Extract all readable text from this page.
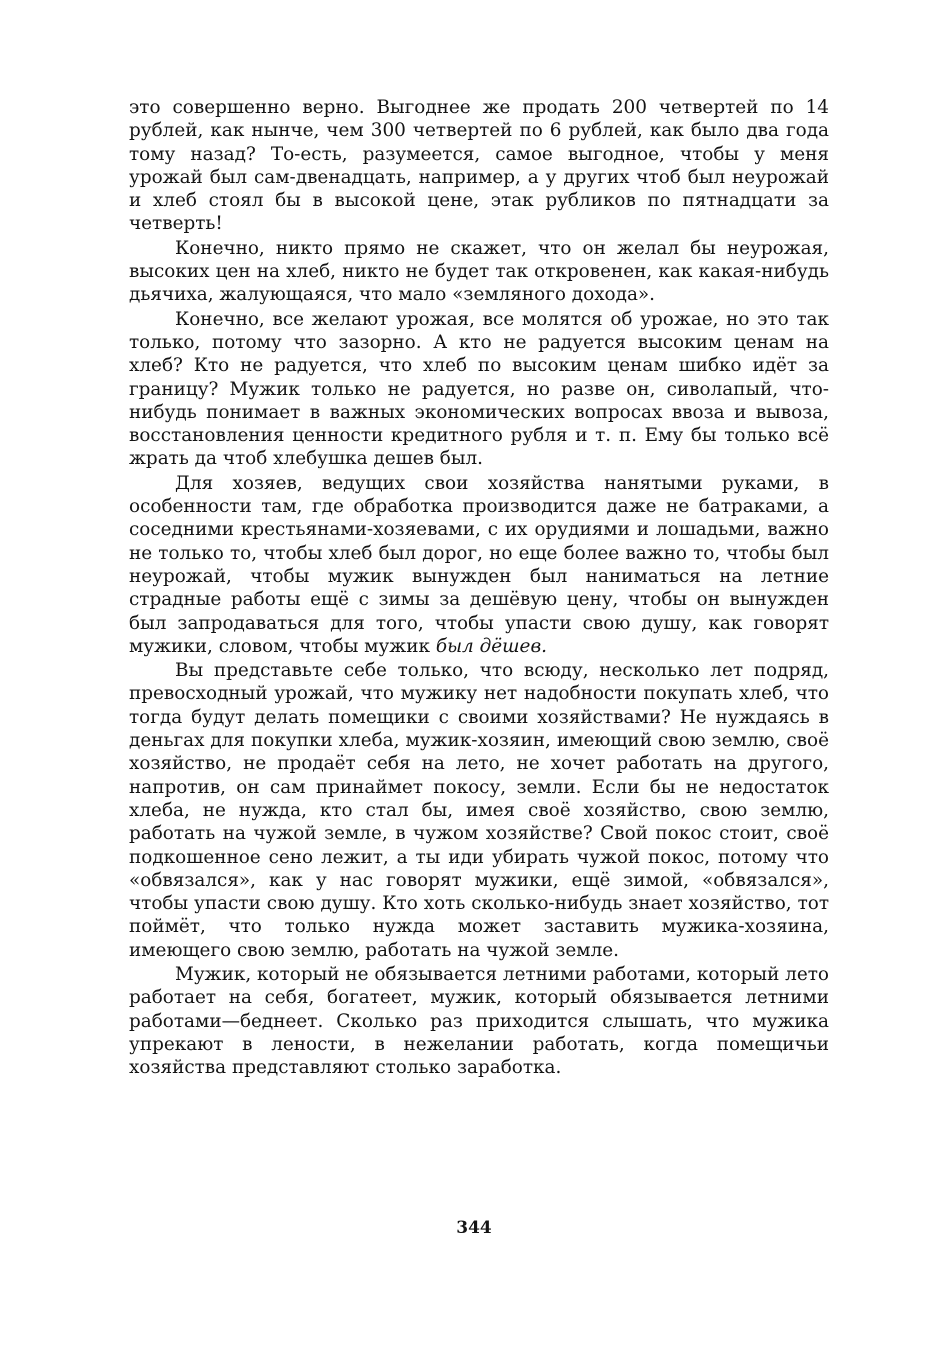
это совершенно верно. Выгоднее же продать 200 четвертей по 14 рублей, как нынче, чем 300 четвертей по 6 рублей, как было два года тому назад? То-есть, разумеется, самое выгодное, чтобы у меня урожай был сам-двенадцать, например, а у других чтоб был неурожай и хлеб стоял бы в высокой цене, этак рубликов по пятнадцати за четверть!

Конечно, никто прямо не скажет, что он желал бы неурожая, высоких цен на хлеб, никто не будет так откровенен, как какая-нибудь дьячиха, жалующаяся, что мало «земляного дохода».

Конечно, все желают урожая, все молятся об урожае, но это так только, потому что зазорно. А кто не радуется высоким ценам на хлеб? Кто не радуется, что хлеб по высоким ценам шибко идёт за границу? Мужик только не радуется, но разве он, сиволапый, что-нибудь понимает в важных экономических вопросах ввоза и вывоза, восстановления ценности кредитного рубля и т. п. Ему бы только всё жрать да чтоб хлебушка дешев был.

Для хозяев, ведущих свои хозяйства нанятыми руками, в особенности там, где обработка производится даже не батраками, а соседними крестьянами-хозяевами, с их орудиями и лошадьми, важно не только то, чтобы хлеб был дорог, но еще более важно то, чтобы был неурожай, чтобы мужик вынужден был наниматься на летние страдные работы ещё с зимы за дешёвую цену, чтобы он вынужден был запродаваться для того, чтобы упасти свою душу, как говорят мужики, словом, чтобы мужик был дёшев.

Вы представьте себе только, что всюду, несколько лет подряд, превосходный урожай, что мужику нет надобности покупать хлеб, что тогда будут делать помещики с своими хозяйствами? Не нуждаясь в деньгах для покупки хлеба, мужик-хозяин, имеющий свою землю, своё хозяйство, не продаёт себя на лето, не хочет работать на другого, напротив, он сам принаймет покосу, земли. Если бы не недостаток хлеба, не нужда, кто стал бы, имея своё хозяйство, свою землю, работать на чужой земле, в чужом хозяйстве? Свой покос стоит, своё подкошенное сено лежит, а ты иди убирать чужой покос, потому что «обвязался», как у нас говорят мужики, ещё зимой, «обвязался», чтобы упасти свою душу. Кто хоть сколько-нибудь знает хозяйство, тот поймёт, что только нужда может заставить мужика-хозяина, имеющего свою землю, работать на чужой земле.

Мужик, который не обязывается летними работами, который лето работает на себя, богатеет, мужик, который обязывается летними работами—беднеет. Сколько раз приходится слышать, что мужика упрекают в лености, в нежелании работать, когда помещичьи хозяйства представляют столько заработка.

344
